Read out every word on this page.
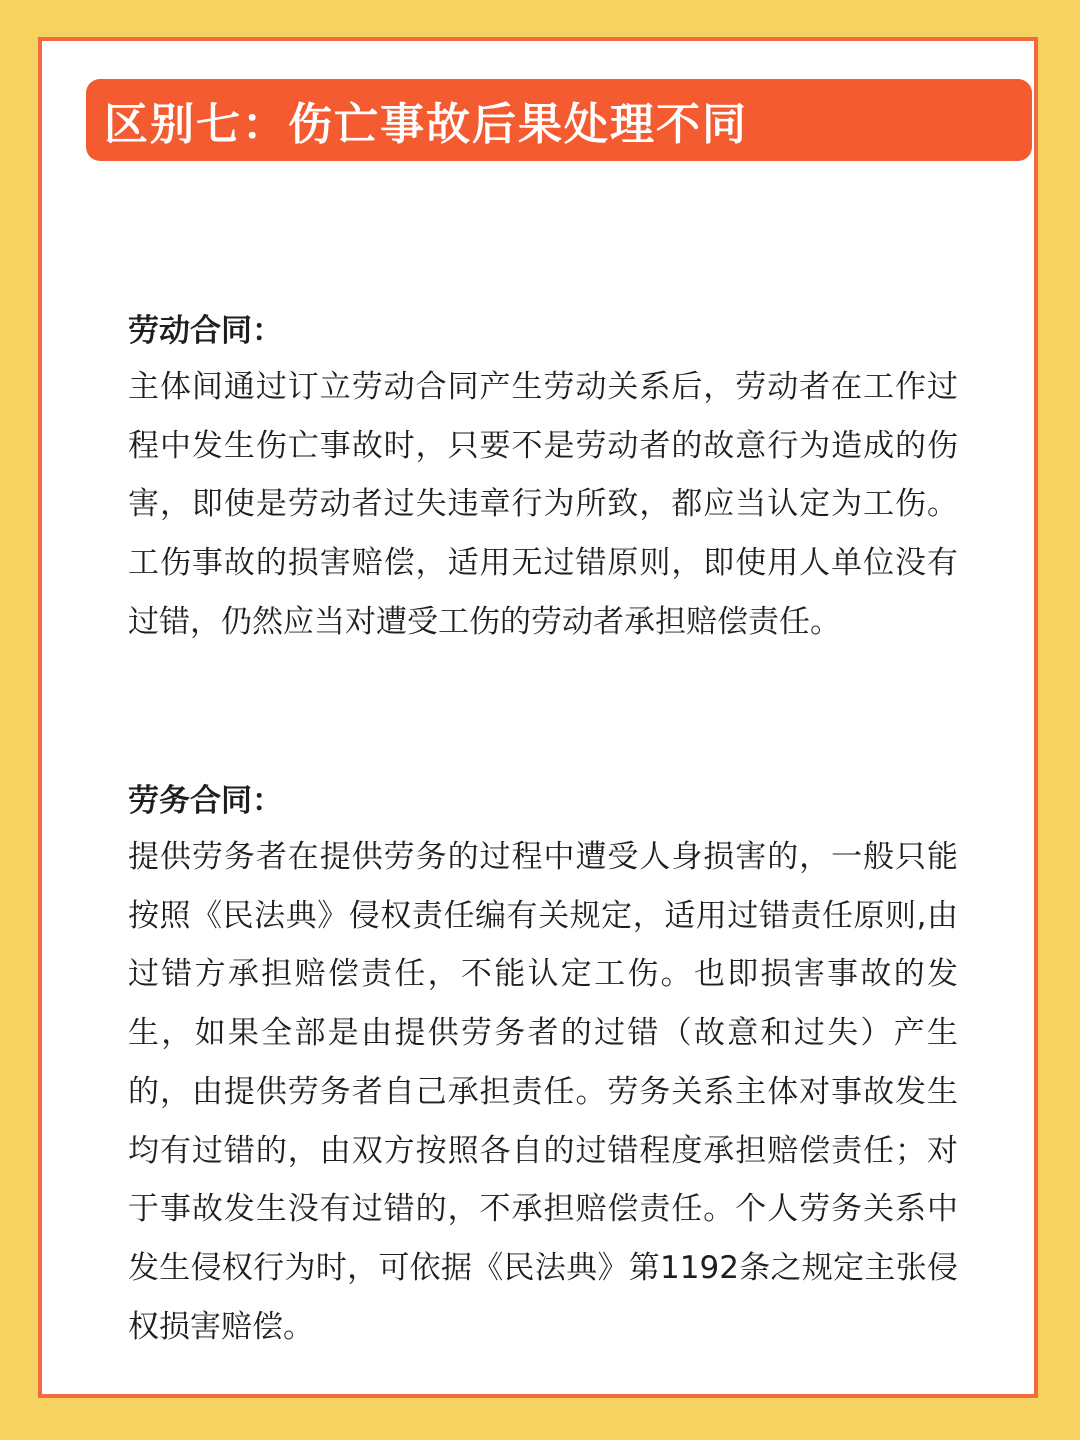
区别七：伤亡事故后果处理不同

劳动合同：

主体间通过订立劳动合同产生劳动关系后，劳动者在工作过程中发生伤亡事故时，只要不是劳动者的故意行为造成的伤害，即使是劳动者过失违章行为所致，都应当认定为工伤。工伤事故的损害赔偿，适用无过错原则，即使用人单位没有过错，仍然应当对遭受工伤的劳动者承担赔偿责任。

劳务合同：

提供劳务者在提供劳务的过程中遭受人身损害的，一般只能按照《民法典》侵权责任编有关规定，适用过错责任原则,由过错方承担赔偿责任，不能认定工伤。也即损害事故的发生，如果全部是由提供劳务者的过错（故意和过失）产生的，由提供劳务者自己承担责任。劳务关系主体对事故发生均有过错的，由双方按照各自的过错程度承担赔偿责任；对于事故发生没有过错的，不承担赔偿责任。个人劳务关系中发生侵权行为时，可依据《民法典》第1192条之规定主张侵权损害赔偿。
